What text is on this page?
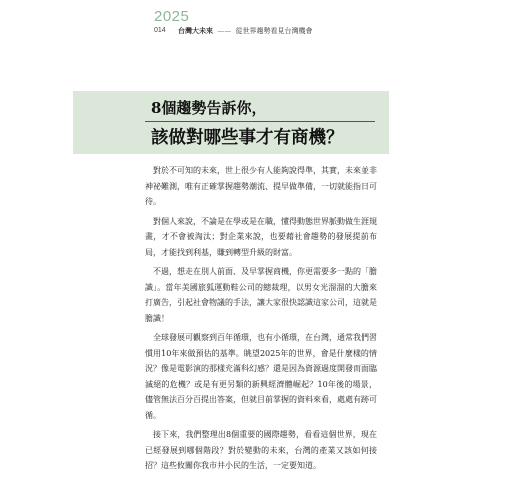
2025
014 台灣大未來 —— 從世界趨勢看見台灣機會
8個趨勢告訴你，
該做對哪些事才有商機？

對於不可知的未來，世上很少有人能夠說得準，其實，未來並非神祕難測，唯有正確掌握趨勢潮流、提早做準備，一切就能指日可待。

對個人來說，不論是在學或是在職，懂得動態世界脈動做生涯規畫，才不會被淘汰；對企業來說，也要藉社會趨勢的發展提前布局，才能找到利基，賺到轉型升級的財富。

不過，想走在別人前面、及早掌握商機，你更需要多一點的「膽識」。當年美國旅狐運動鞋公司的總裁理，以男女光溜溜的大膽來打廣告，引起社會物議的手法，讓大家很快認識這家公司，這就是膽識！

全球發展可觀察到百年循環，也有小循環，在台灣，通常我們習慣用10年來做預估的基準。眺望2025年的世界，會是什麼樣的情況？像是電影演的那樣充滿科幻感？還是因為資源過度開發而面臨滅絕的危機？或是有更另類的新興經濟體崛起？10年後的場景，儘管無法百分百提出答案，但就目前掌握的資料來看，處處有跡可循。

接下來，我們整理出8個重要的國際趨勢，看看這個世界，現在已經發展到哪個階段？對於變動的未來，台灣的產業又該如何接招？這些攸關你我市井小民的生活，一定要知道。
